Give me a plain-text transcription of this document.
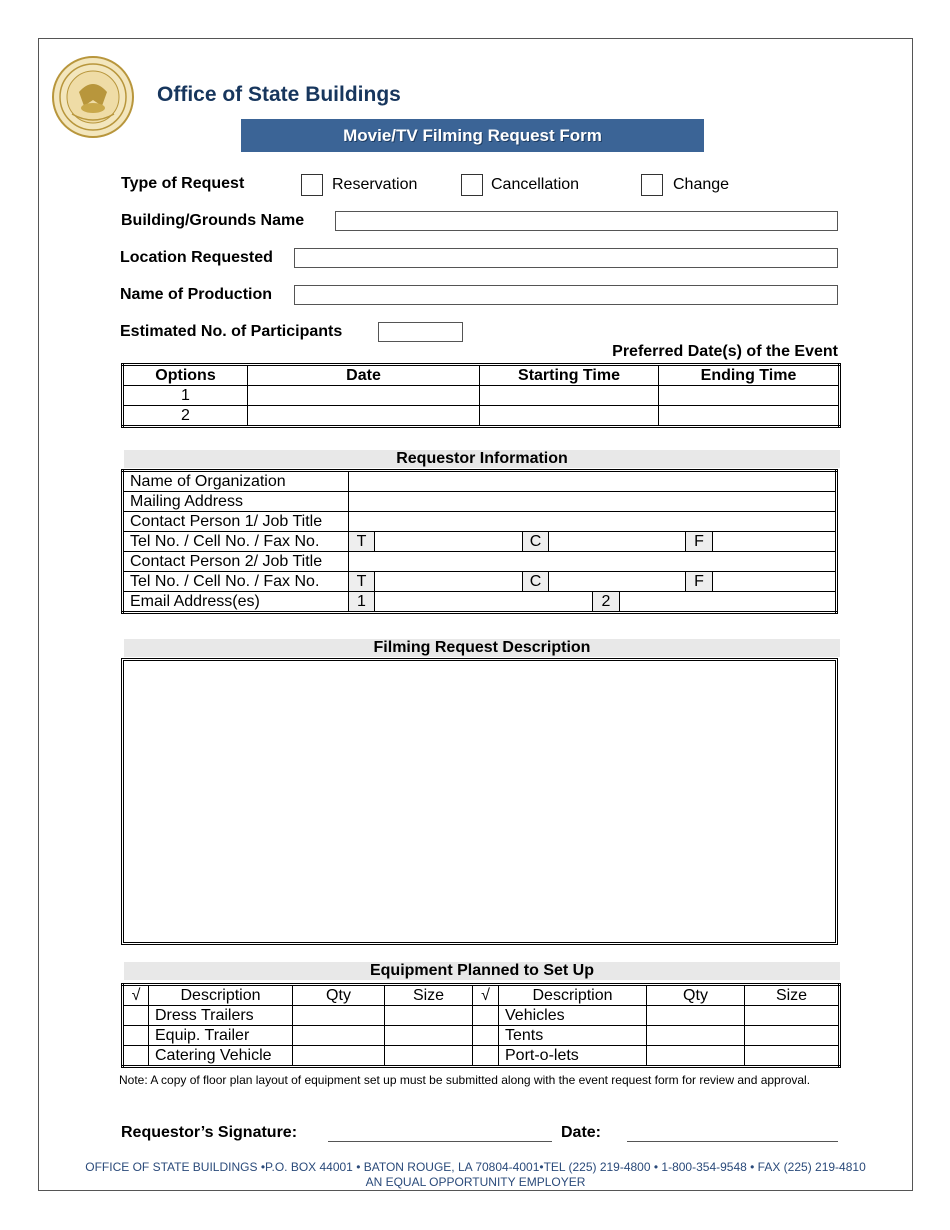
Office of State Buildings
Movie/TV Filming Request Form
Type of Request	Reservation	Cancellation	Change
Building/Grounds Name
Location Requested
Name of Production
Estimated No. of Participants
Preferred Date(s) of the Event
Options	Date	Starting Time	Ending Time
1			
2			
Requestor Information
Name of Organization								
Mailing Address								
Contact Person 1/ Job Title								
Tel No. / Cell No. / Fax No.	T		C				F	
Contact Person 2/ Job Title								
Tel No. / Cell No. / Fax No.	T		C				F	
Email Address(es)	1				2			
Filming Request Description
Equipment Planned to Set Up
√	Description	Qty	Size	√	Description	Qty	Size
	Dress Trailers				Vehicles		
	Equip. Trailer				Tents		
	Catering Vehicle				Port-o-lets		
Note: A copy of floor plan layout of equipment set up must be submitted along with the event request form for review and approval.
Requestor’s Signature:	Date:
OFFICE OF STATE BUILDINGS •P.O. BOX 44001 • BATON ROUGE, LA 70804-4001•TEL (225) 219-4800 • 1-800-354-9548 • FAX (225) 219-4810
AN EQUAL OPPORTUNITY EMPLOYER
